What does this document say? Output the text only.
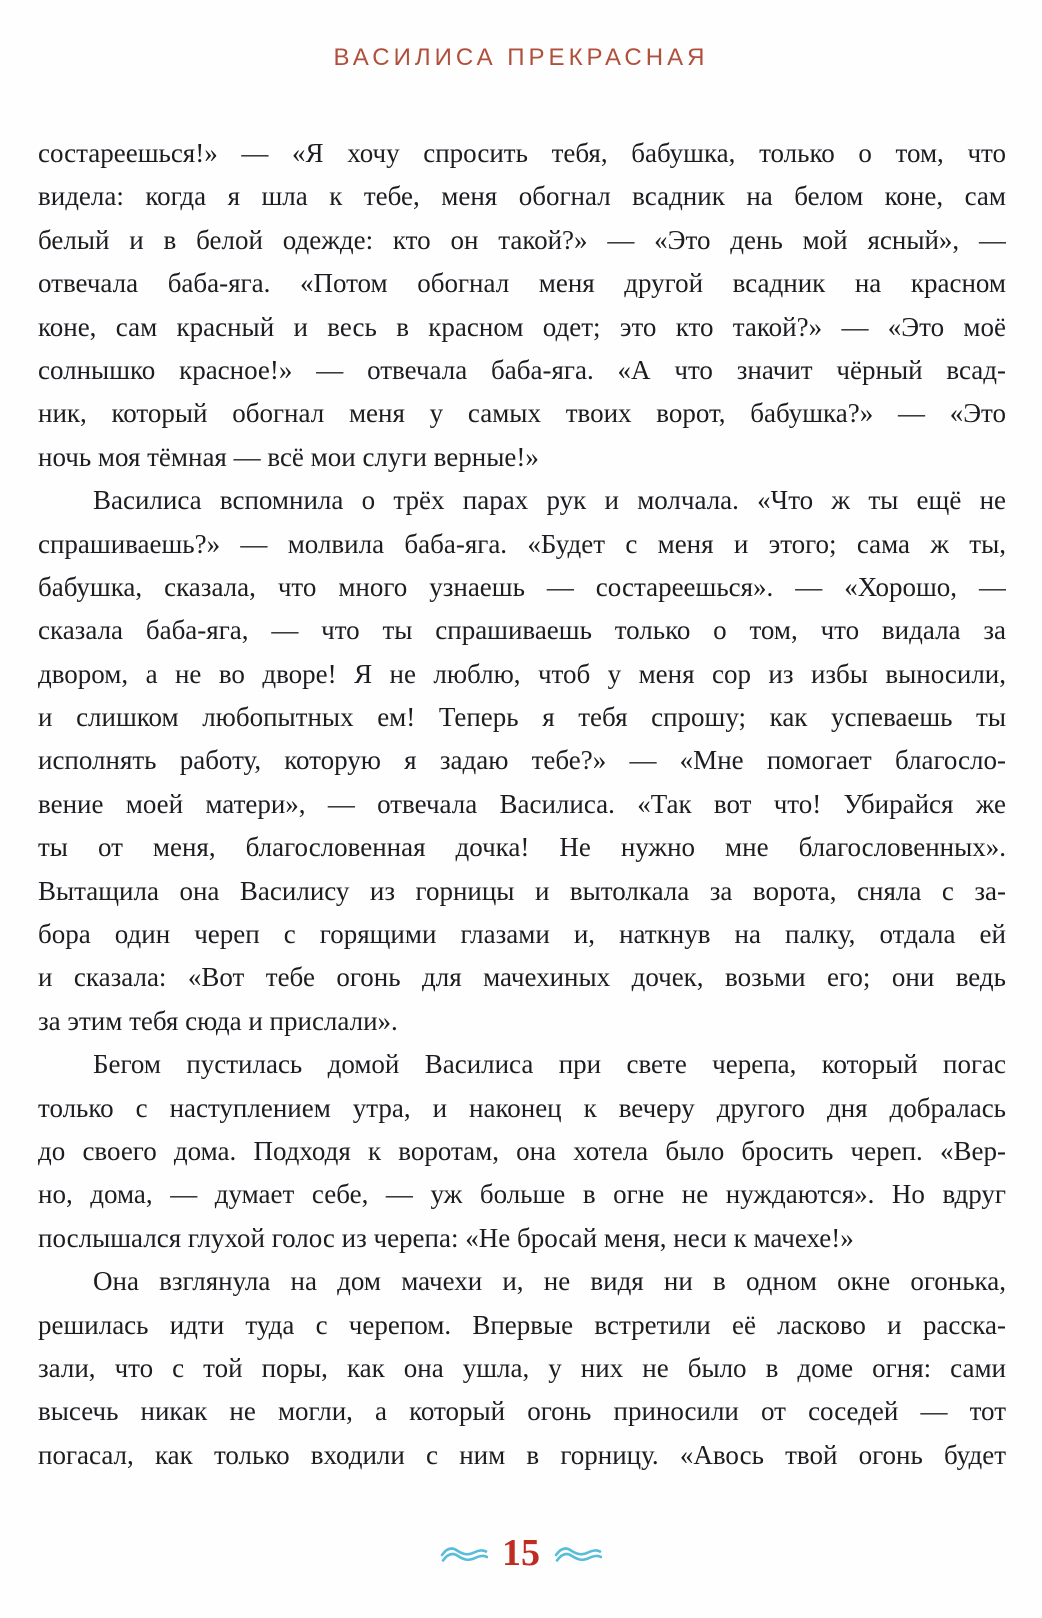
ВАСИЛИСА ПРЕКРАСНАЯ
состареешься!» — «Я хочу спросить тебя, бабушка, только о том, что
видела: когда я шла к тебе, меня обогнал всадник на белом коне, сам
белый и в белой одежде: кто он такой?» — «Это день мой ясный», —
отвечала баба-яга. «Потом обогнал меня другой всадник на красном
коне, сам красный и весь в красном одет; это кто такой?» — «Это моё
солнышко красное!» — отвечала баба-яга. «А что значит чёрный всад-
ник, который обогнал меня у самых твоих ворот, бабушка?» — «Это
ночь моя тёмная — всё мои слуги верные!»
Василиса вспомнила о трёх парах рук и молчала. «Что ж ты ещё не
спрашиваешь?» — молвила баба-яга. «Будет с меня и этого; сама ж ты,
бабушка, сказала, что много узнаешь — состареешься». — «Хорошо, —
сказала баба-яга, — что ты спрашиваешь только о том, что видала за
двором, а не во дворе! Я не люблю, чтоб у меня сор из избы выносили,
и слишком любопытных ем! Теперь я тебя спрошу; как успеваешь ты
исполнять работу, которую я задаю тебе?» — «Мне помогает благосло-
вение моей матери», — отвечала Василиса. «Так вот что! Убирайся же
ты от меня, благословенная дочка! Не нужно мне благословенных».
Вытащила она Василису из горницы и вытолкала за ворота, сняла с за-
бора один череп с горящими глазами и, наткнув на палку, отдала ей
и сказала: «Вот тебе огонь для мачехиных дочек, возьми его; они ведь
за этим тебя сюда и прислали».
Бегом пустилась домой Василиса при свете черепа, который погас
только с наступлением утра, и наконец к вечеру другого дня добралась
до своего дома. Подходя к воротам, она хотела было бросить череп. «Вер-
но, дома, — думает себе, — уж больше в огне не нуждаются». Но вдруг
послышался глухой голос из черепа: «Не бросай меня, неси к мачехе!»
Она взглянула на дом мачехи и, не видя ни в одном окне огонька,
решилась идти туда с черепом. Впервые встретили её ласково и расска-
зали, что с той поры, как она ушла, у них не было в доме огня: сами
высечь никак не могли, а который огонь приносили от соседей — тот
погасал, как только входили с ним в горницу. «Авось твой огонь будет
15
